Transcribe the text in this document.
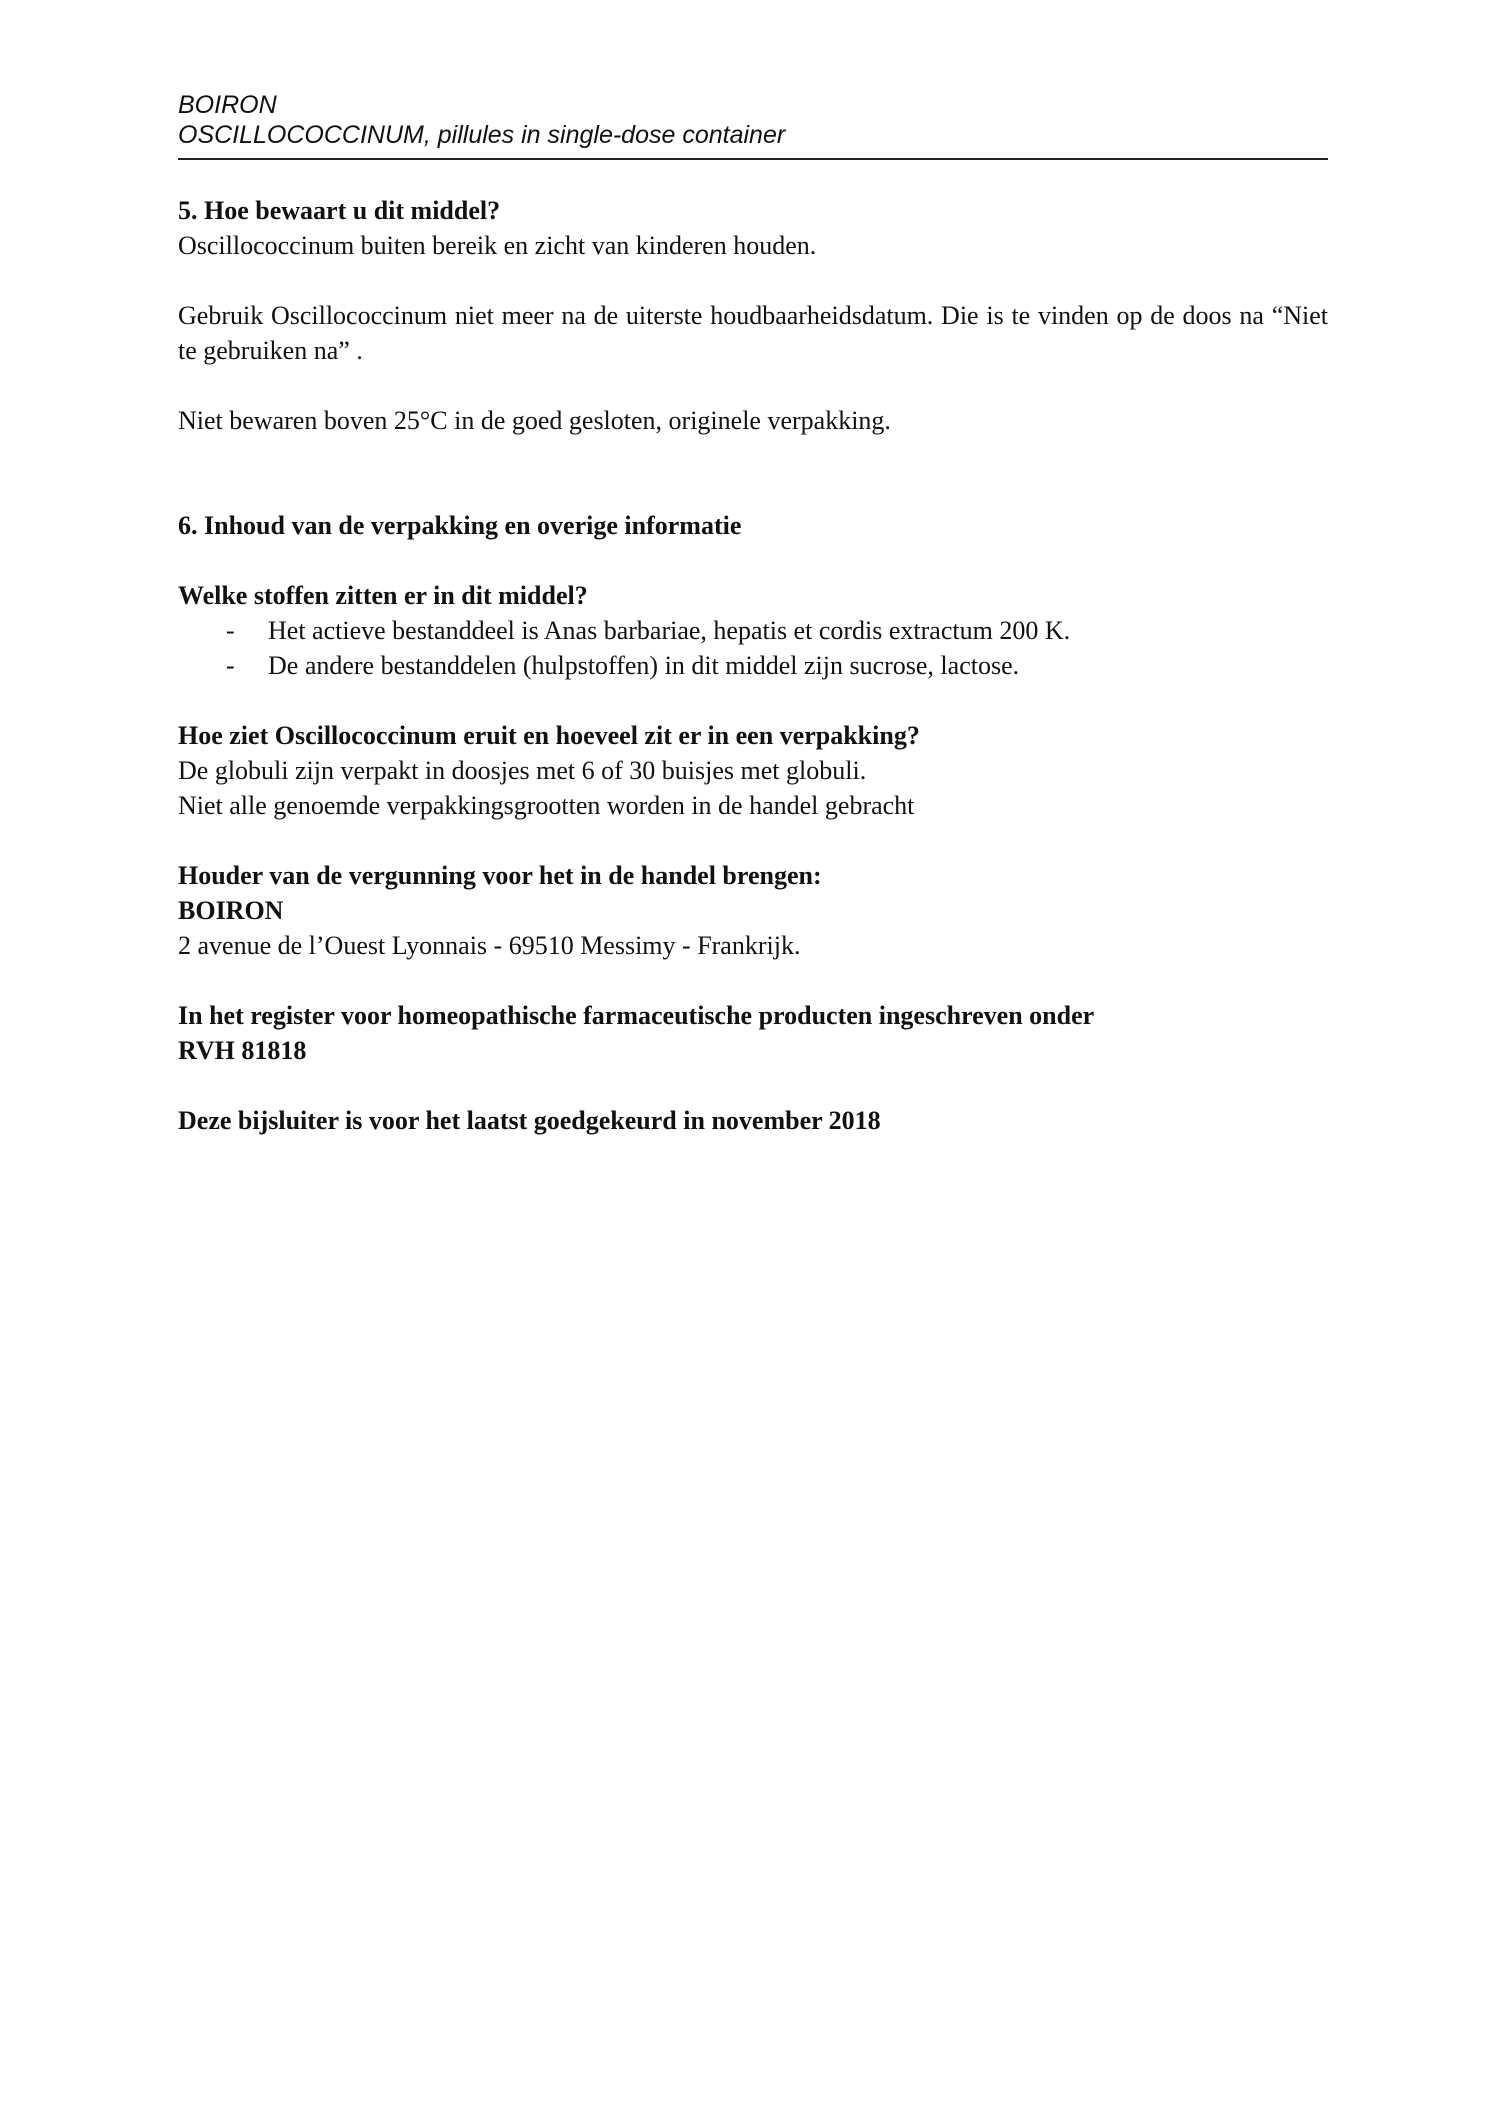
BOIRON
OSCILLOCOCCINUM, pillules in single-dose container

5. Hoe bewaart u dit middel?

Oscillococcinum buiten bereik en zicht van kinderen houden.

Gebruik Oscillococcinum niet meer na de uiterste houdbaarheidsdatum. Die is te vinden op de doos na “Niet te gebruiken na” .

Niet bewaren boven 25°C in de goed gesloten, originele verpakking.

6. Inhoud van de verpakking en overige informatie

Welke stoffen zitten er in dit middel?

- Het actieve bestanddeel is Anas barbariae, hepatis et cordis extractum 200 K.
- De andere bestanddelen (hulpstoffen) in dit middel zijn sucrose, lactose.

Hoe ziet Oscillococcinum eruit en hoeveel zit er in een verpakking?

De globuli zijn verpakt in doosjes met 6 of 30 buisjes met globuli.

Niet alle genoemde verpakkingsgrootten worden in de handel gebracht

Houder van de vergunning voor het in de handel brengen:

BOIRON

2 avenue de l’Ouest Lyonnais - 69510 Messimy - Frankrijk.

In het register voor homeopathische farmaceutische producten ingeschreven onder

RVH 81818

Deze bijsluiter is voor het laatst goedgekeurd in november 2018
